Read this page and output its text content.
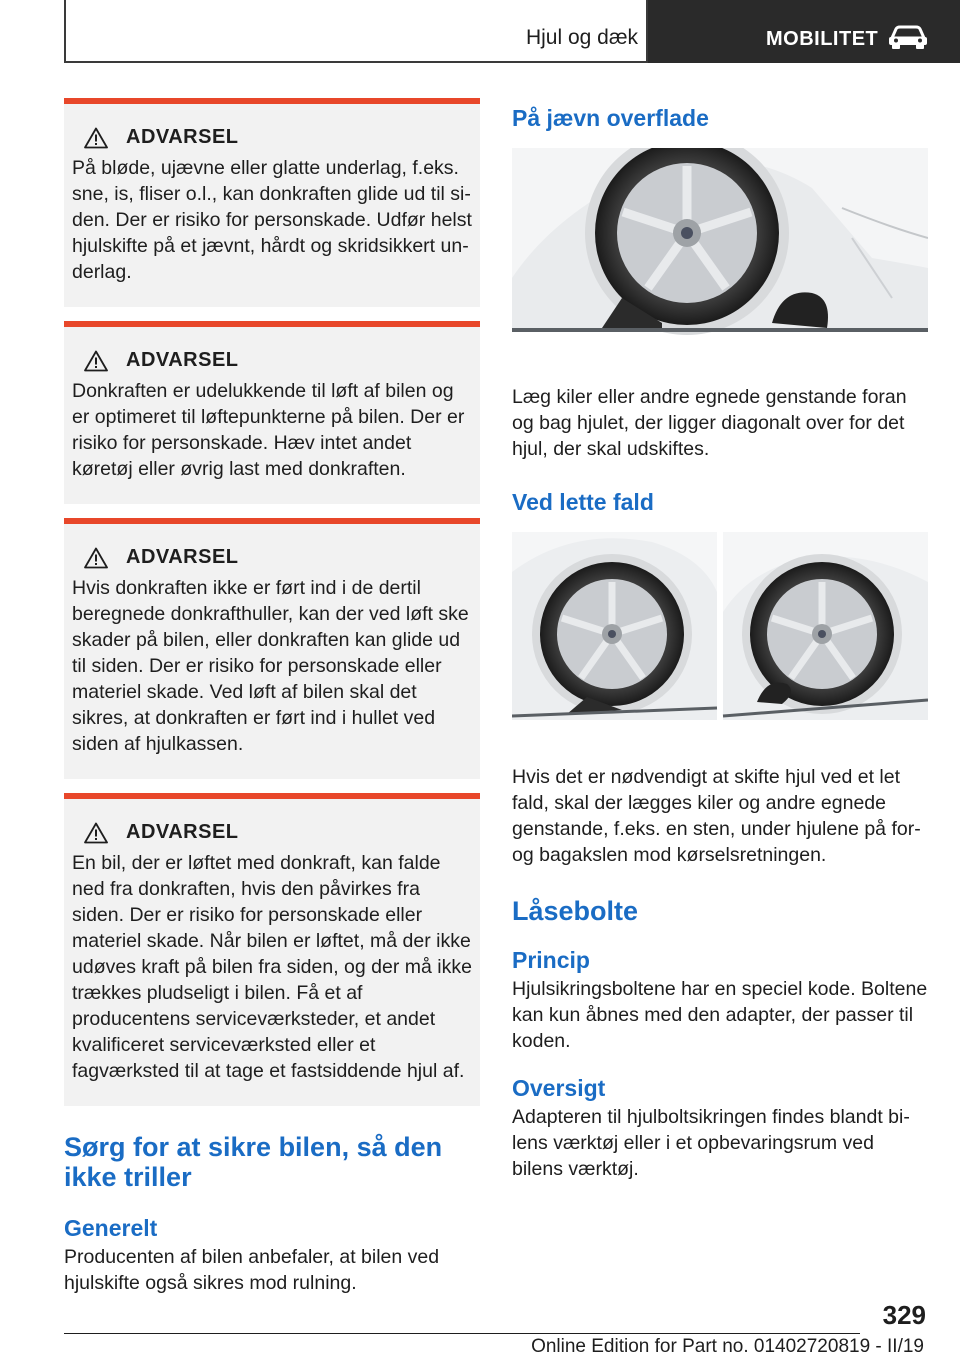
Hjul og dæk	MOBILITET
ADVARSEL
På bløde, ujævne eller glatte underlag, f.eks. sne, is, fliser o.l., kan donkraften glide ud til siden. Der er risiko for personskade. Udfør helst hjulskifte på et jævnt, hårdt og skridsikkert underlag.
ADVARSEL
Donkraften er udelukkende til løft af bilen og er optimeret til løftepunkterne på bilen. Der er risiko for personskade. Hæv intet andet køretøj eller øvrig last med donkraften.
ADVARSEL
Hvis donkraften ikke er ført ind i de dertil beregnede donkrafthuller, kan der ved løft ske skader på bilen, eller donkraften kan glide ud til siden. Der er risiko for personskade eller materiel skade. Ved løft af bilen skal det sikres, at donkraften er ført ind i hullet ved siden af hjulkassen.
ADVARSEL
En bil, der er løftet med donkraft, kan falde ned fra donkraften, hvis den påvirkes fra siden. Der er risiko for personskade eller materiel skade. Når bilen er løftet, må der ikke udøves kraft på bilen fra siden, og der må ikke trækkes pludseligt i bilen. Få et af producentens serviceværksteder, et andet kvalificeret serviceværksted eller et fagværksted til at tage et fastsiddende hjul af.
Sørg for at sikre bilen, så den ikke triller
Generelt
Producenten af bilen anbefaler, at bilen ved hjulskifte også sikres mod rulning.
På jævn overflade
Læg kiler eller andre egnede genstande foran og bag hjulet, der ligger diagonalt over for det hjul, der skal udskiftes.
Ved lette fald
Hvis det er nødvendigt at skifte hjul ved et let fald, skal der lægges kiler og andre egnede genstande, f.eks. en sten, under hjulene på for- og bagakslen mod kørselsretningen.
Låsebolte
Princip
Hjulsikringsboltene har en speciel kode. Boltene kan kun åbnes med den adapter, der passer til koden.
Oversigt
Adapteren til hjulboltsikringen findes blandt bilens værktøj eller i et opbevaringsrum ved bilens værktøj.
329
Online Edition for Part no. 01402720819 - II/19
